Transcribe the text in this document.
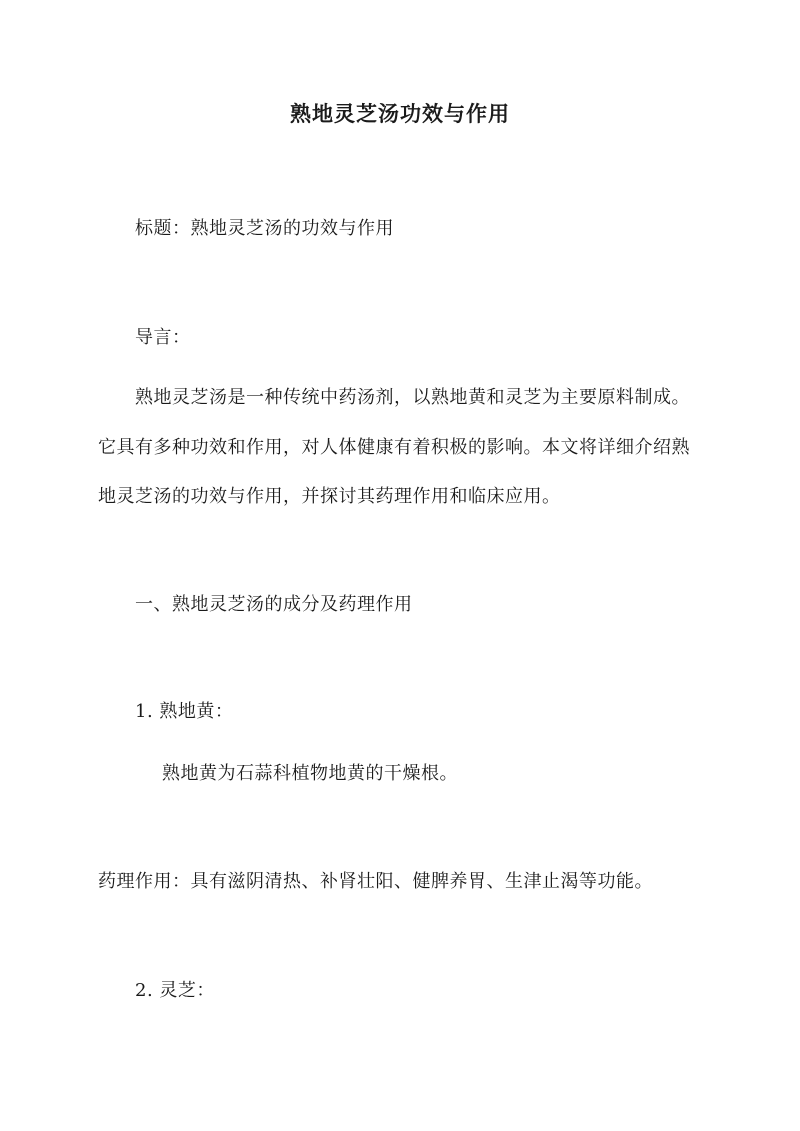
熟地灵芝汤功效与作用
标题：熟地灵芝汤的功效与作用
导言：
熟地灵芝汤是一种传统中药汤剂，以熟地黄和灵芝为主要原料制成。
它具有多种功效和作用，对人体健康有着积极的影响。本文将详细介绍熟
地灵芝汤的功效与作用，并探讨其药理作用和临床应用。
一、熟地灵芝汤的成分及药理作用
1. 熟地黄：
熟地黄为石蒜科植物地黄的干燥根。
药理作用：具有滋阴清热、补肾壮阳、健脾养胃、生津止渴等功能。
2. 灵芝：
